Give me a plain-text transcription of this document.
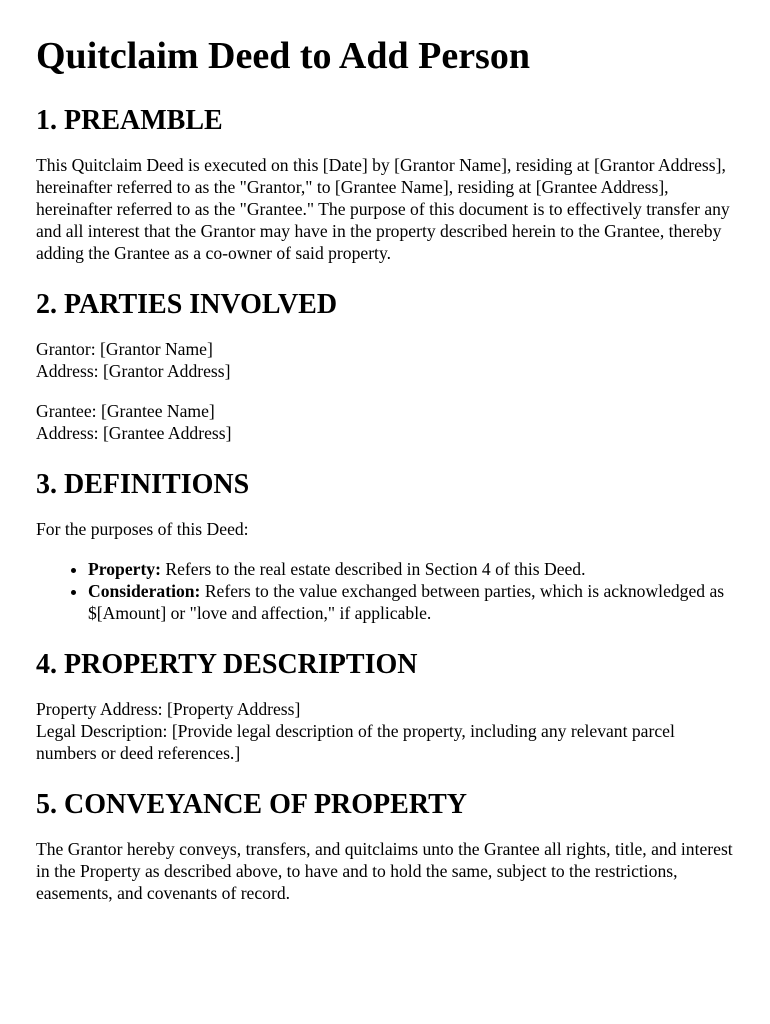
Quitclaim Deed to Add Person
1. PREAMBLE

This Quitclaim Deed is executed on this [Date] by [Grantor Name], residing at [Grantor Address], hereinafter referred to as the "Grantor," to [Grantee Name], residing at [Grantee Address], hereinafter referred to as the "Grantee." The purpose of this document is to effectively transfer any and all interest that the Grantor may have in the property described herein to the Grantee, thereby adding the Grantee as a co-owner of said property.

2. PARTIES INVOLVED

Grantor: [Grantor Name]
Address: [Grantor Address]

Grantee: [Grantee Name]
Address: [Grantee Address]

3. DEFINITIONS

For the purposes of this Deed:

• Property: Refers to the real estate described in Section 4 of this Deed.
• Consideration: Refers to the value exchanged between parties, which is acknowledged as $[Amount] or "love and affection," if applicable.
4. PROPERTY DESCRIPTION

Property Address: [Property Address]
Legal Description: [Provide legal description of the property, including any relevant parcel numbers or deed references.]

5. CONVEYANCE OF PROPERTY

The Grantor hereby conveys, transfers, and quitclaims unto the Grantee all rights, title, and interest in the Property as described above, to have and to hold the same, subject to the restrictions, easements, and covenants of record.
